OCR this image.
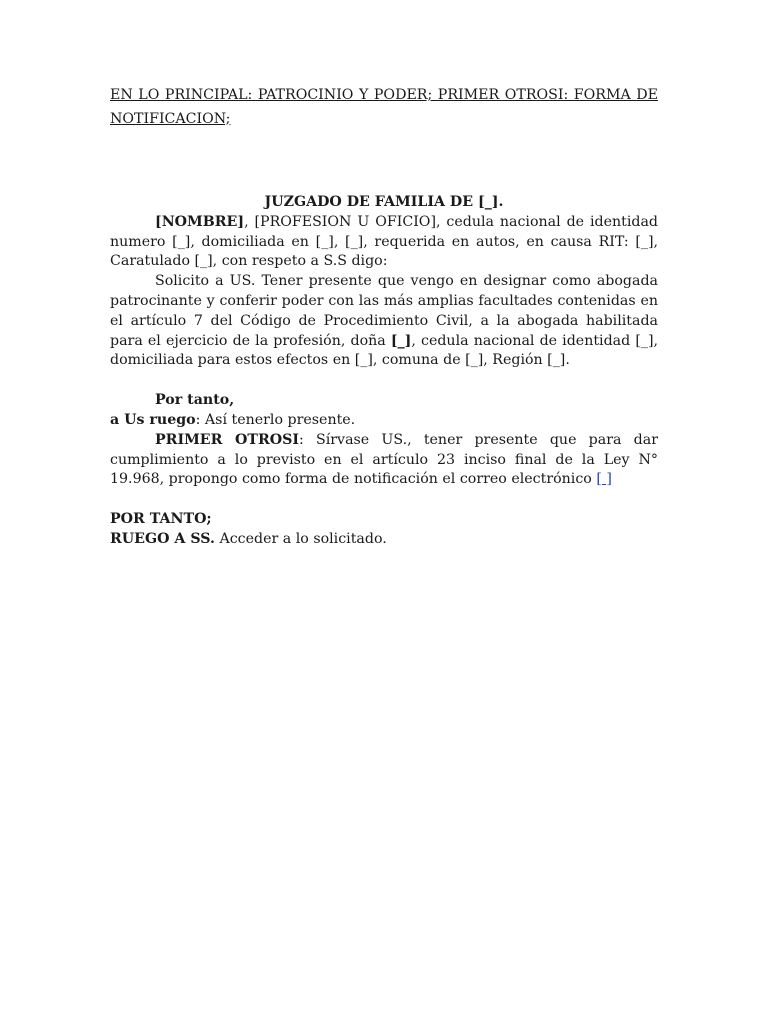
EN LO PRINCIPAL: PATROCINIO Y PODER; PRIMER OTROSI: FORMA DE NOTIFICACION;

JUZGADO DE FAMILIA DE [_].

[NOMBRE], [PROFESION U OFICIO], cedula nacional de identidad numero [_], domiciliada en [_], [_], requerida en autos, en causa RIT: [_], Caratulado [_], con respeto a S.S digo:

Solicito a US. Tener presente que vengo en designar como abogada patrocinante y conferir poder con las más amplias facultades contenidas en el artículo 7 del Código de Procedimiento Civil, a la abogada habilitada para el ejercicio de la profesión, doña [_], cedula nacional de identidad [_], domiciliada para estos efectos en [_], comuna de [_], Región [_].

Por tanto,
a Us ruego: Así tenerlo presente.

PRIMER OTROSI: Sírvase US., tener presente que para dar cumplimiento a lo previsto en el artículo 23 inciso final de la Ley N° 19.968, propongo como forma de notificación el correo electrónico [ ]

POR TANTO;
RUEGO A SS. Acceder a lo solicitado.
